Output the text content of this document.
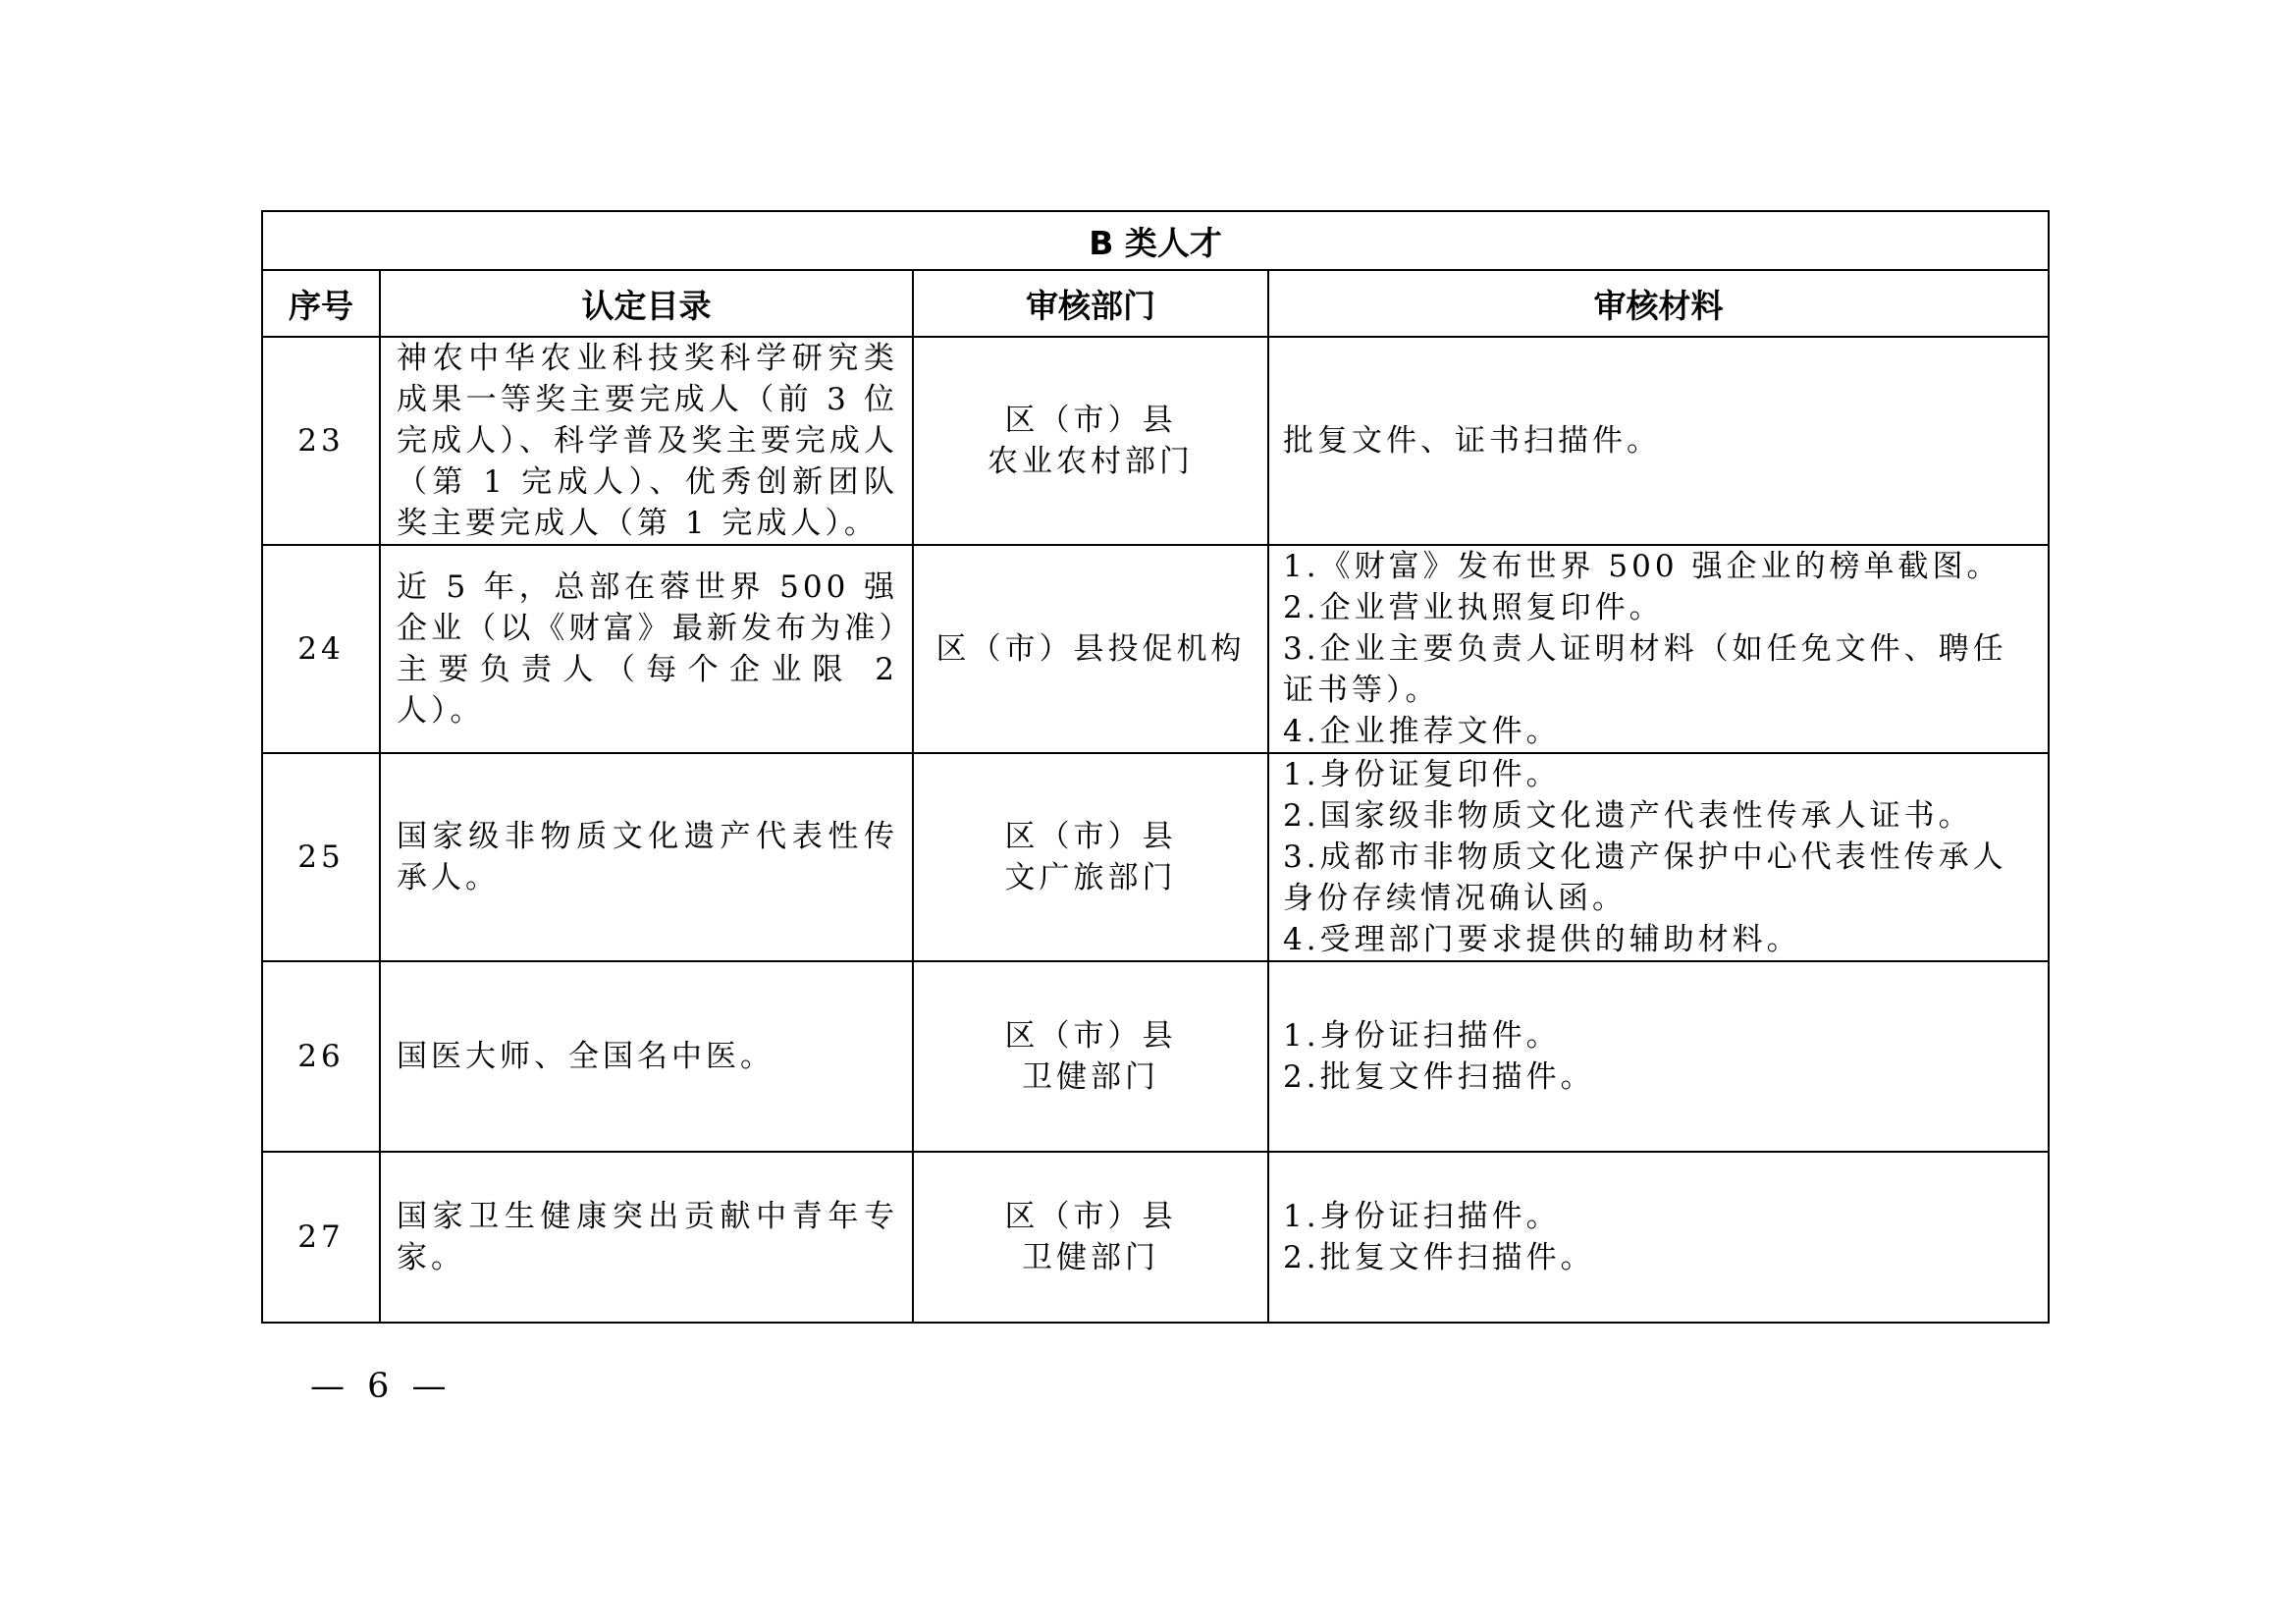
B 类人才			
序号	认定目录	审核部门	审核材料
23	神农中华农业科技奖科学研究类成果一等奖主要完成人（前 3 位完成人）、科学普及奖主要完成人（第 1 完成人）、优秀创新团队奖主要完成人（第 1 完成人）。	区（市）县
农业农村部门	批复文件、证书扫描件。

24	近 5 年，总部在蓉世界 500 强企业（以《财富》最新发布为准）主要负责人（每个企业限 2 人）。	区（市）县投促机构	1.《财富》发布世界 500 强企业的榜单截图。
2.企业营业执照复印件。
3.企业主要负责人证明材料（如任免文件、聘任证书等）。
4.企业推荐文件。

25	国家级非物质文化遗产代表性传承人。	区（市）县
文广旅部门	1.身份证复印件。
2.国家级非物质文化遗产代表性传承人证书。
3.成都市非物质文化遗产保护中心代表性传承人身份存续情况确认函。
4.受理部门要求提供的辅助材料。

26	国医大师、全国名中医。	区（市）县
卫健部门	1.身份证扫描件。
2.批复文件扫描件。

27	国家卫生健康突出贡献中青年专家。	区（市）县
卫健部门	1.身份证扫描件。
2.批复文件扫描件。
— 6 —
